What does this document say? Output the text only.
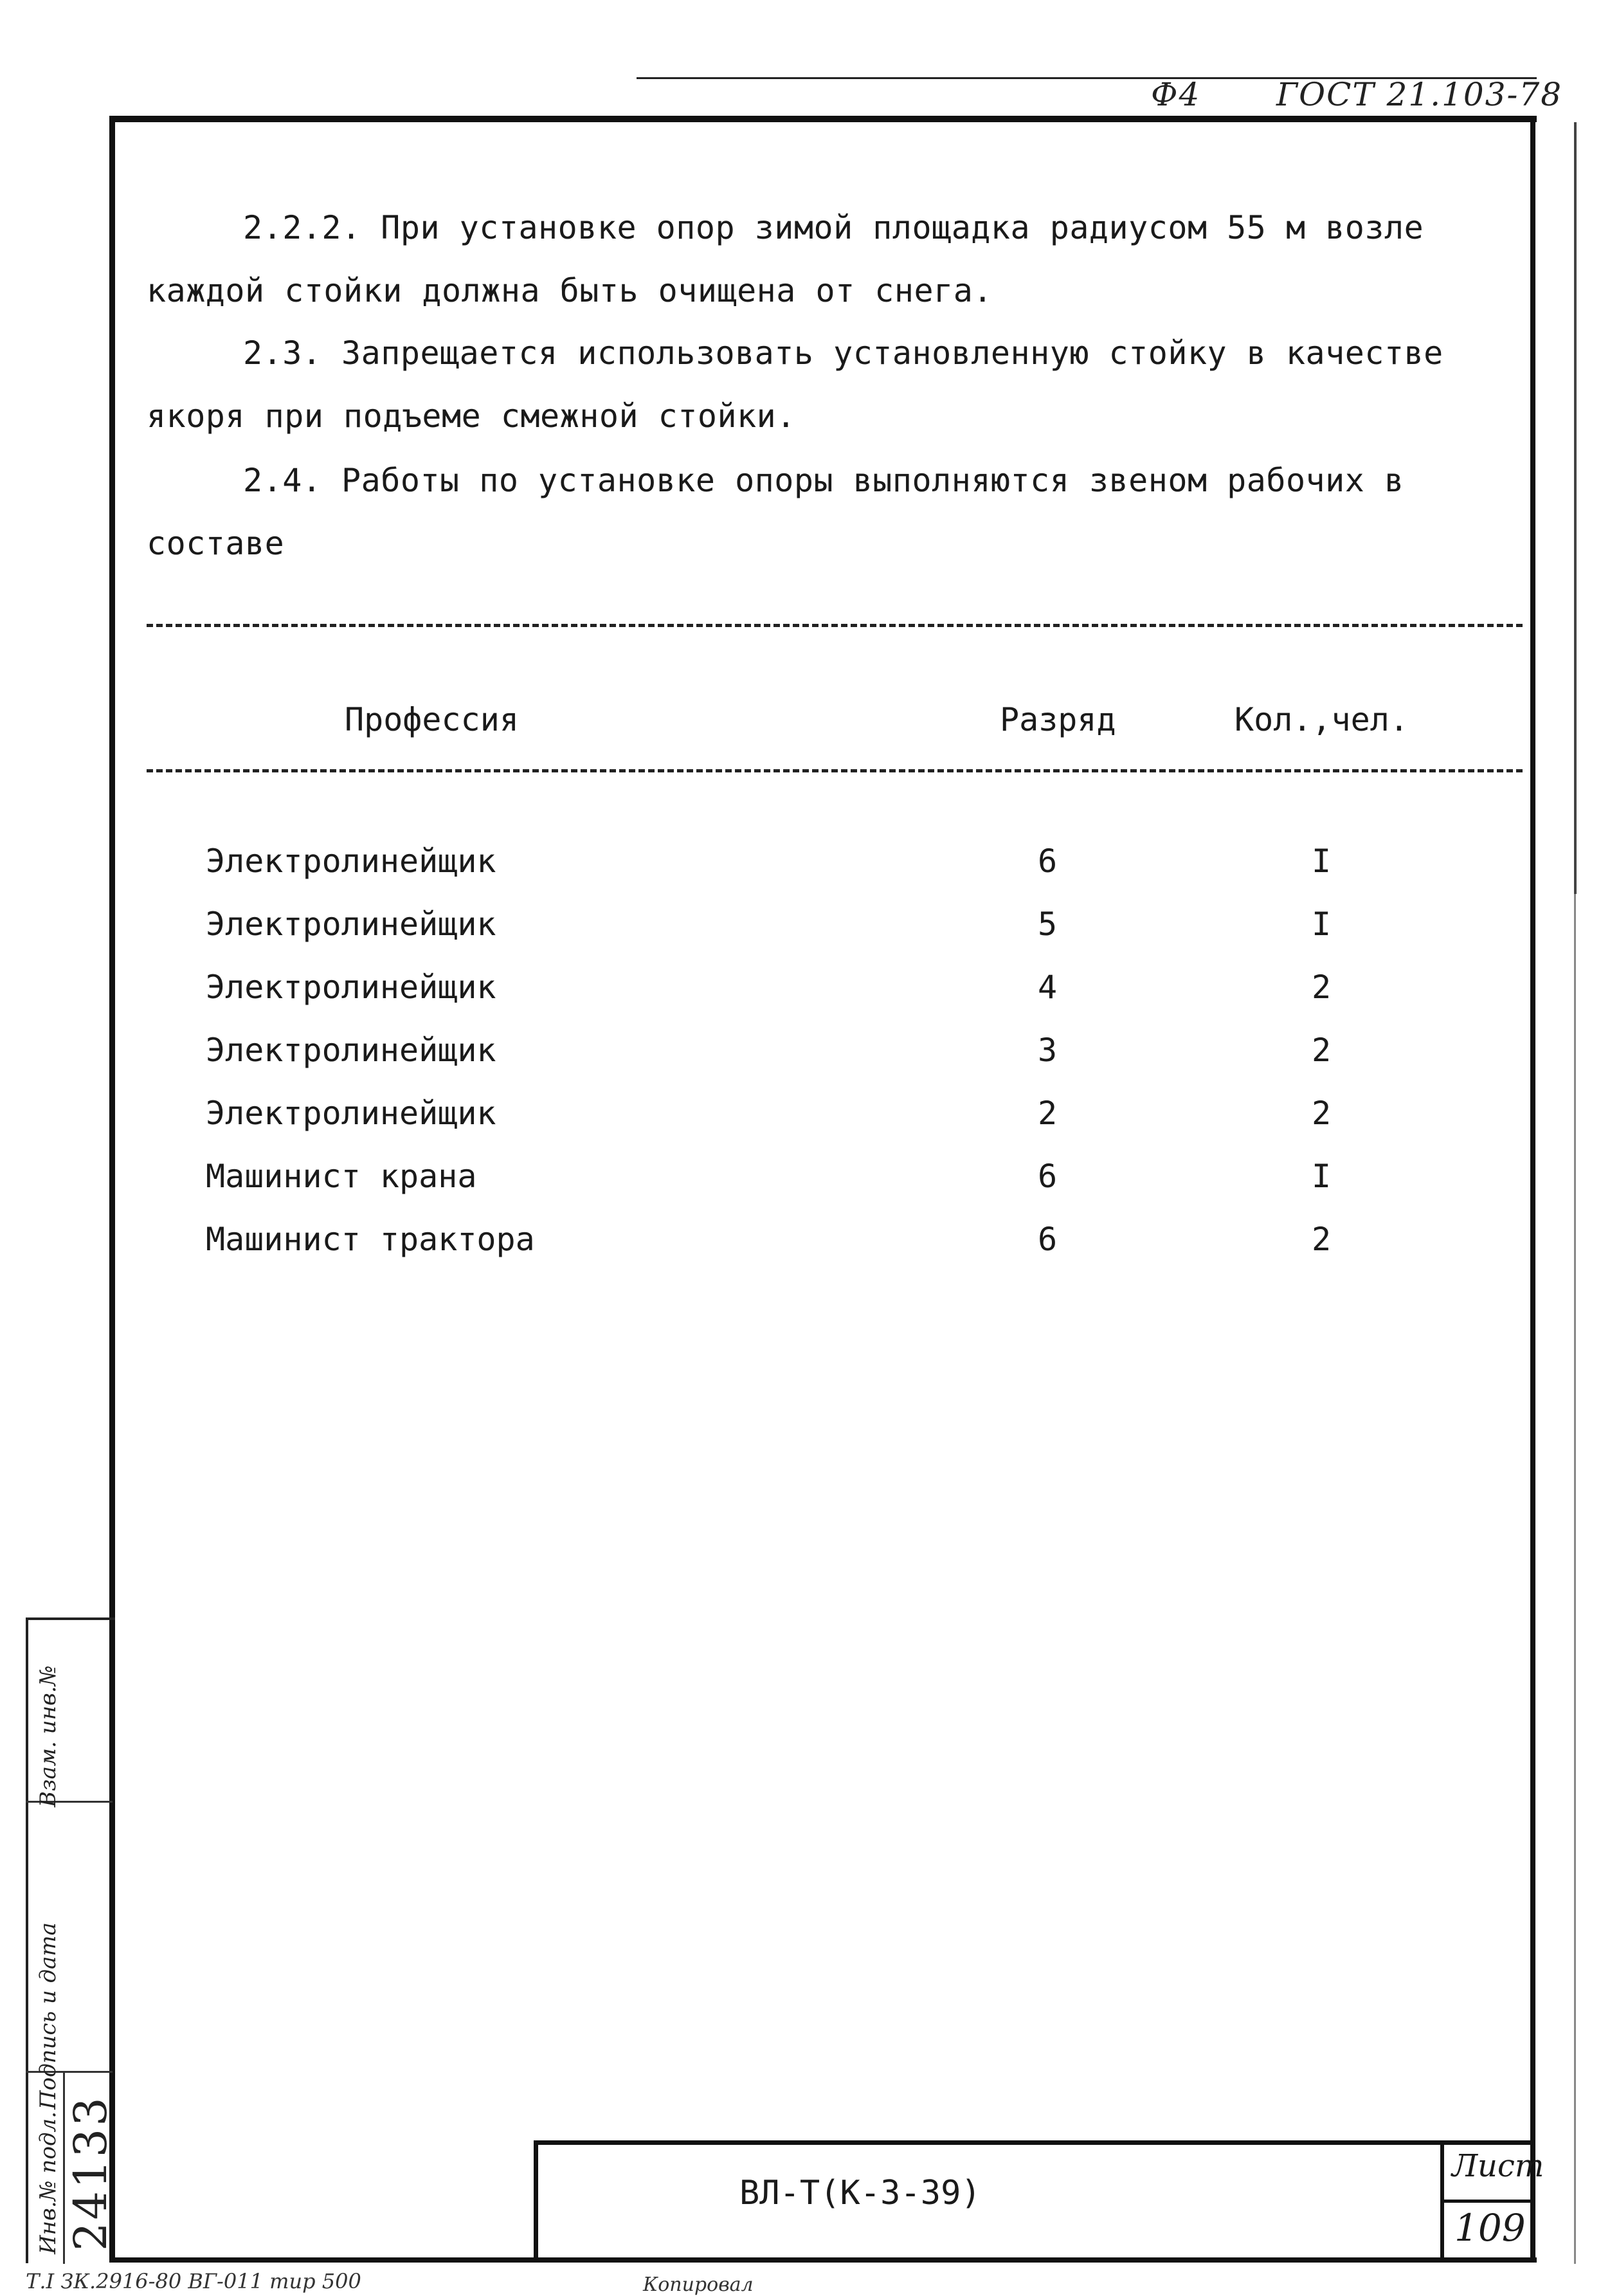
Ф4 ГОСТ 21.103-78
2.2.2. При установке опор зимой площадка радиусом 55 м возле
каждой стойки должна быть очищена от снега.
2.3. Запрещается использовать установленную стойку в качестве
якоря при подъеме смежной стойки.
2.4. Работы по установке опоры выполняются звеном рабочих в
составе
Профессия	Разряд	Кол.,чел.
Электролинейщик	6	I
Электролинейщик	5	I
Электролинейщик	4	2
Электролинейщик	3	2
Электролинейщик	2	2
Машинист крана	6	I
Машинист трактора	6	2
ВЛ-Т(К-3-39)
Лист
109
Инв.№ подл.
Подпись и дата
Взам. инв.№
24133
Т.І ЗК.2916-80 ВГ-011 тир 500	Копировал
